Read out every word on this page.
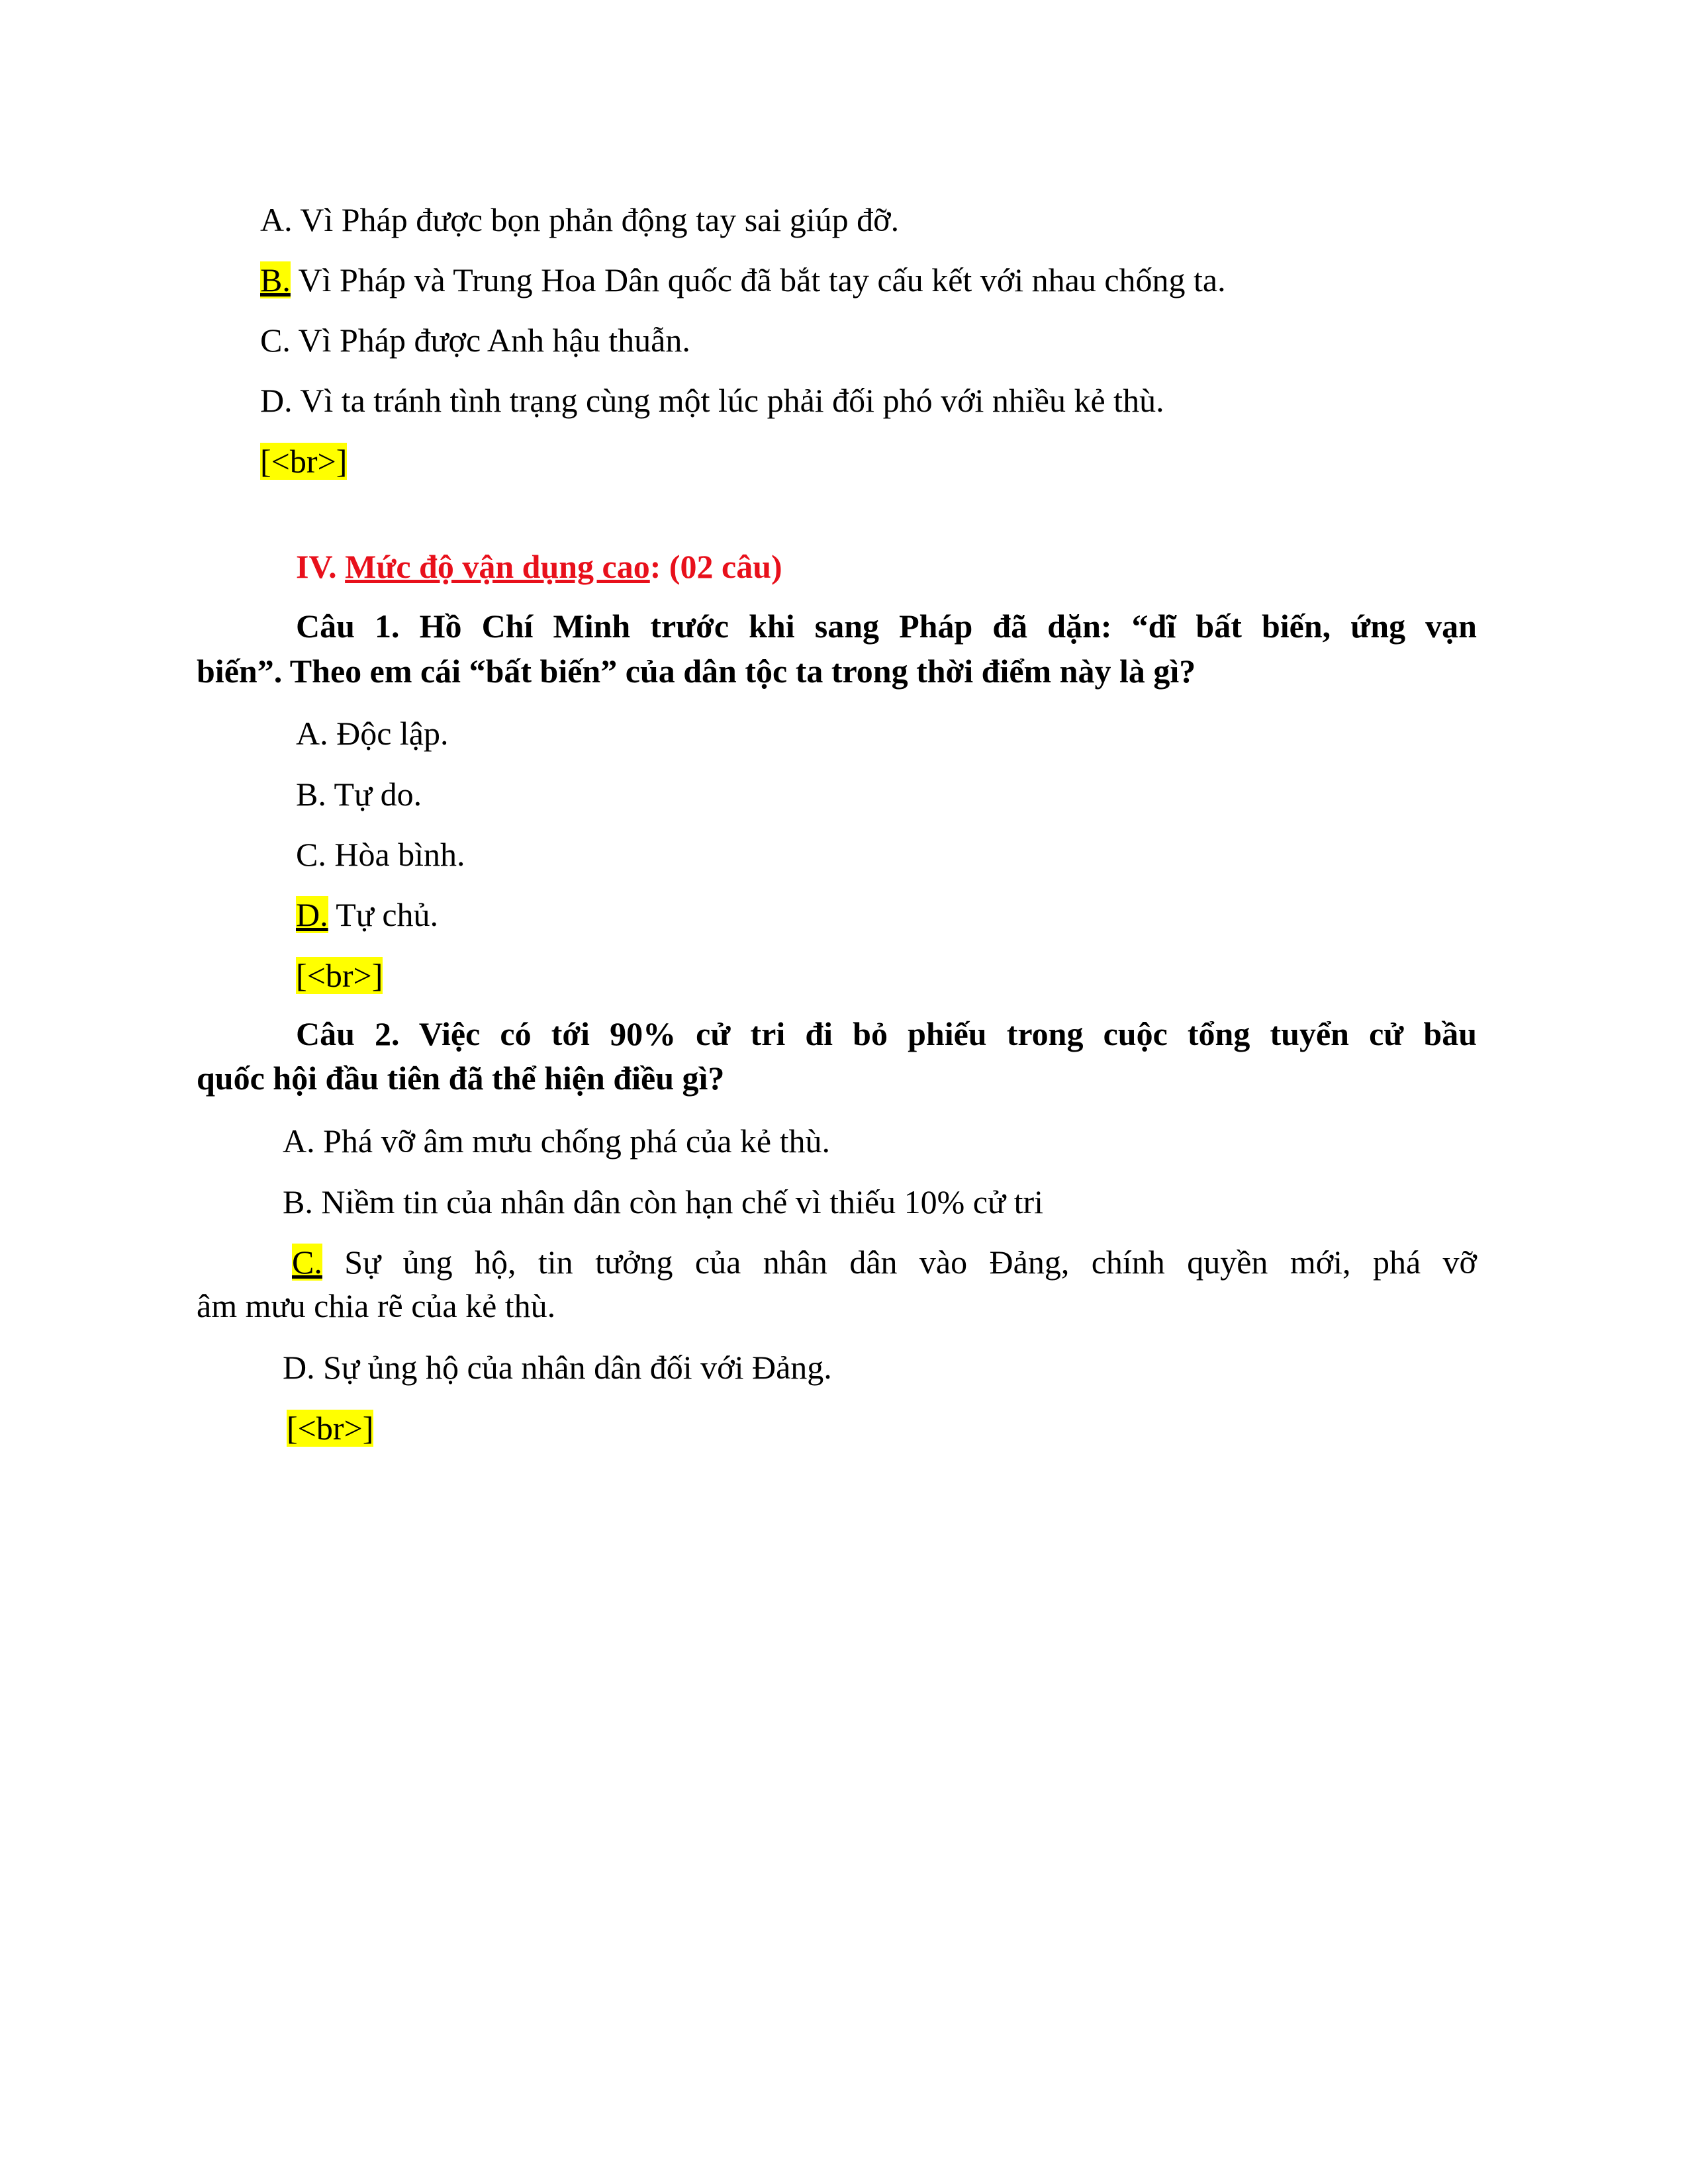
A. Vì Pháp được bọn phản động tay sai giúp đỡ.
B. Vì Pháp và Trung Hoa Dân quốc đã bắt tay cấu kết với nhau chống ta.
C. Vì Pháp được Anh hậu thuẫn.
D. Vì ta tránh tình trạng cùng một lúc phải đối phó với nhiều kẻ thù.
[<br>]
IV. Mức độ vận dụng cao: (02 câu)
Câu 1. Hồ Chí Minh trước khi sang Pháp đã dặn: “dĩ bất biến, ứng vạn
biến”. Theo em cái “bất biến” của dân tộc ta trong thời điểm này là gì?
A. Độc lập.
B. Tự do.
C. Hòa bình.
D. Tự chủ.
[<br>]
Câu 2. Việc có tới 90% cử tri đi bỏ phiếu trong cuộc tổng tuyển cử bầu
quốc hội đầu tiên đã thể hiện điều gì?
A. Phá vỡ âm mưu chống phá của kẻ thù.
B. Niềm tin của nhân dân còn hạn chế vì thiếu 10% cử tri
C. Sự ủng hộ, tin tưởng của nhân dân vào Đảng, chính quyền mới, phá vỡ
âm mưu chia rẽ của kẻ thù.
D. Sự ủng hộ của nhân dân đối với Đảng.
[<br>]
